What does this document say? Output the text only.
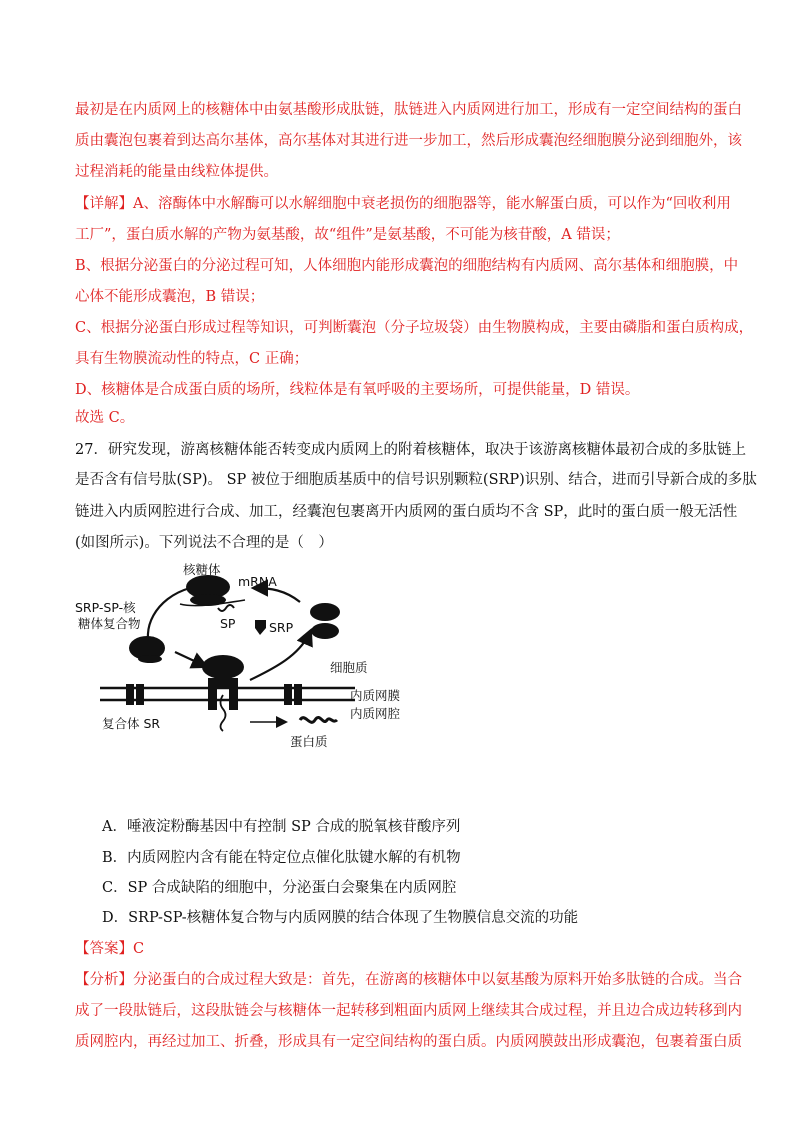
最初是在内质网上的核糖体中由氨基酸形成肽链，肽链进入内质网进行加工，形成有一定空间结构的蛋白
质由囊泡包裹着到达高尔基体，高尔基体对其进行进一步加工，然后形成囊泡经细胞膜分泌到细胞外，该
过程消耗的能量由线粒体提供。
【详解】A、溶酶体中水解酶可以水解细胞中衰老损伤的细胞器等，能水解蛋白质，可以作为“回收利用
工厂”，蛋白质水解的产物为氨基酸，故“组件”是氨基酸，不可能为核苷酸，A 错误；
B、根据分泌蛋白的分泌过程可知，人体细胞内能形成囊泡的细胞结构有内质网、高尔基体和细胞膜，中
心体不能形成囊泡，B 错误；
C、根据分泌蛋白形成过程等知识，可判断囊泡（分子垃圾袋）由生物膜构成，主要由磷脂和蛋白质构成，
具有生物膜流动性的特点，C 正确；
D、核糖体是合成蛋白质的场所，线粒体是有氧呼吸的主要场所，可提供能量，D 错误。
故选 C。
27．研究发现，游离核糖体能否转变成内质网上的附着核糖体，取决于该游离核糖体最初合成的多肽链上
是否含有信号肽(SP)。 SP 被位于细胞质基质中的信号识别颗粒(SRP)识别、结合，进而引导新合成的多肽
链进入内质网腔进行合成、加工，经囊泡包裹离开内质网的蛋白质均不含 SP，此时的蛋白质一般无活性
(如图所示)。下列说法不合理的是（　）
核糖体
mRNA
SRP-SP-核
糖体复合物	SP	SRP
细胞质
内质网膜
内质网腔
复合体 SR
蛋白质
A．唾液淀粉酶基因中有控制 SP 合成的脱氧核苷酸序列
B．内质网腔内含有能在特定位点催化肽键水解的有机物
C．SP 合成缺陷的细胞中，分泌蛋白会聚集在内质网腔
D．SRP-SP-核糖体复合物与内质网膜的结合体现了生物膜信息交流的功能
【答案】C
【分析】分泌蛋白的合成过程大致是：首先，在游离的核糖体中以氨基酸为原料开始多肽链的合成。当合
成了一段肽链后，这段肽链会与核糖体一起转移到粗面内质网上继续其合成过程，并且边合成边转移到内
质网腔内，再经过加工、折叠，形成具有一定空间结构的蛋白质。内质网膜鼓出形成囊泡，包裹着蛋白质
